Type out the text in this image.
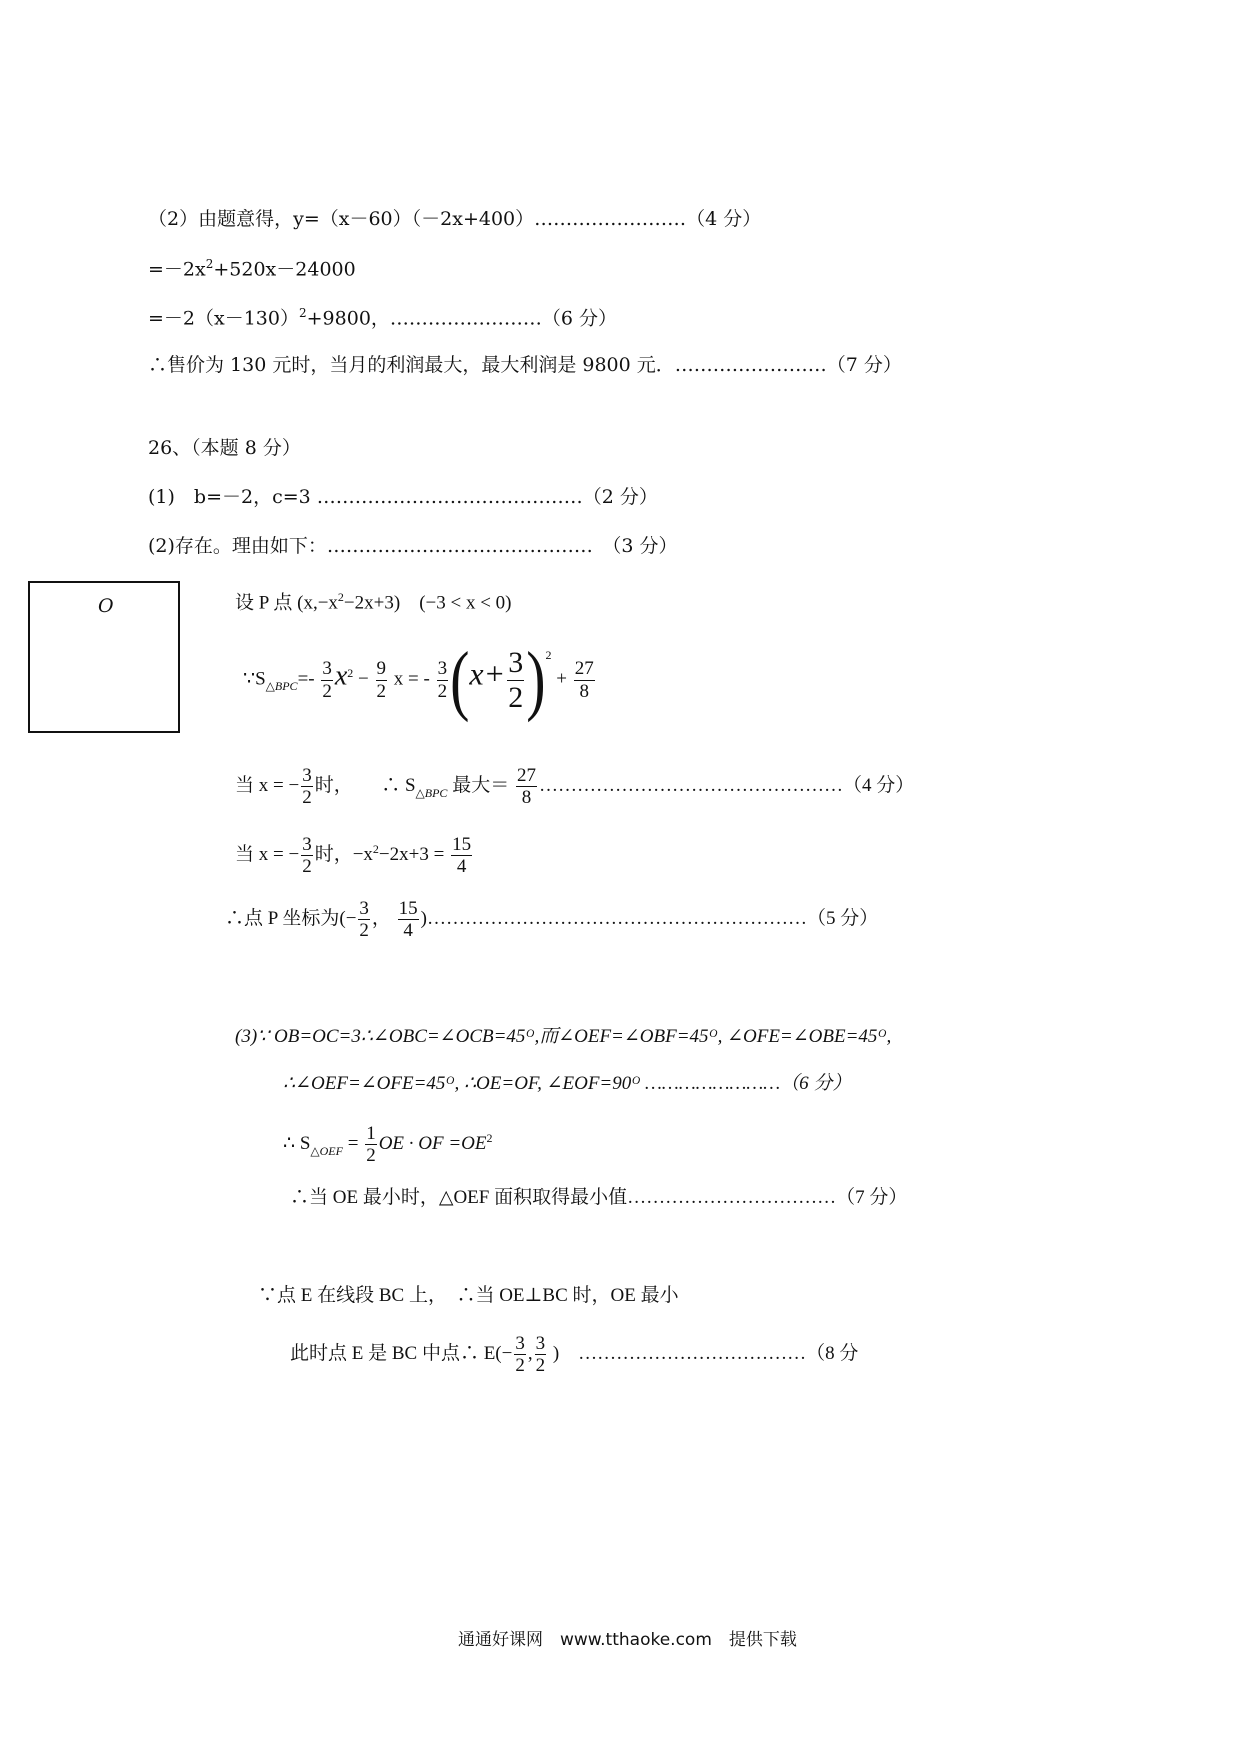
（2）由题意得，y=（x－60）（－2x+400）……………………（4 分）
$=-2x^2+520x-24000$
$=-2(x-130)^2+9800$，……………………（6 分）
∴售价为 130 元时，当月的利润最大，最大利润是 9800 元．……………………（7 分）
26、（本题 8 分）
(1)　b=－2，c=3 ……………………………………（2 分）
(2)存在。理由如下：……………………………………　（3 分）
O	设 P 点 $(x,-x^2-2x+3) (-3 < x < 0)$
$\because S_{\triangle BPC}=- \frac{3}{2} x^2 - \frac{9}{2}$ x = - $\frac{3}{2} (x+ \frac{3}{2} )^2 + \frac{27}{8}$
当 x = − $\frac{3}{2}$ 时， ∴ $S_{\triangle BPC}$ 最大＝ $\frac{27}{8}$ …………………………………………（4 分）
当 x = − $\frac{3}{2}$ 时，$-x^2-2x+3 = \frac{15}{4}$
∴点 P 坐标为(− $\frac{3}{2}$ ， $\frac{15}{4}$ )……………………………………………………（5 分）
(3)∵ OB=OC=3∴∠OBC=∠OCB=45ᴼ,而∠OEF=∠OBF=45ᴼ, ∠OFE=∠OBE=45ᴼ,
∴∠OEF=∠OFE=45ᴼ, ∴OE=OF, ∠EOF=90ᴼ ……………………（6 分）
∴ $S_{\triangle OEF} = \frac{1}{2}$ OE · OF $=OE^2$
∴当 OE 最小时，△OEF 面积取得最小值……………………………（7 分）
∵点 E 在线段 BC 上，　∴当 OE⊥BC 时，OE 最小
此时点 E 是 BC 中点∴ $E(- \frac{3}{2}$ , $\frac{3}{2}$ )　………………………………（8 分
通通好课网　www.tthaoke.com　提供下载
